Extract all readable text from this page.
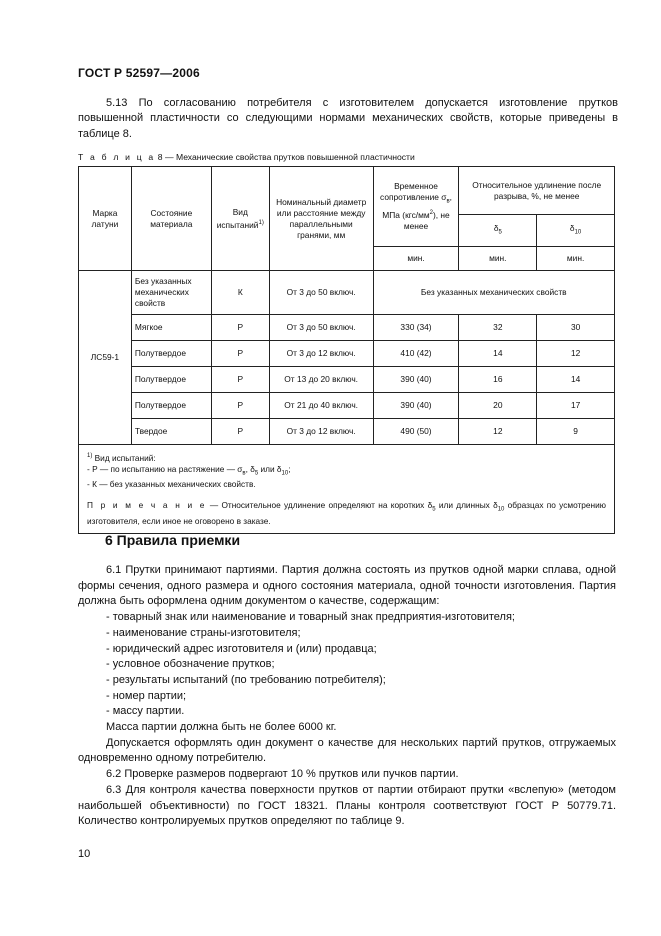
ГОСТ Р 52597—2006
5.13 По согласованию потребителя с изготовителем допускается изготовление прутков повышенной пластичности со следующими нормами механических свойств, которые приведены в таблице 8.
Т а б л и ц а 8 — Механические свойства прутков повышенной пластичности
Марка латуни	Состояние материала	Вид испытаний$^{1)}$	Номинальный диаметр или расстояние между параллельными гранями, мм	Временное сопротивление $\sigma_в$, МПа $(кгс/мм^2)$, не менее	Относительное удлинение после разрыва, %, не менее	
					$\delta_5$	$\delta_{10}$
				мин.	мин.	мин.
ЛС59-1	Без указанных механических свойств	К	От 3 до 50 включ.	Без указанных механических свойств		
	Мягкое	Р	От 3 до 50 включ.	330 (34)	32	30
	Полутвердое	Р	От 3 до 12 включ.	410 (42)	14	12
	Полутвердое	Р	От 13 до 20 включ.	390 (40)	16	14
	Полутвердое	Р	От 21 до 40 включ.	390 (40)	20	17
	Твердое	Р	От 3 до 12 включ.	490 (50)	12	9

$^{1)}$ Вид испытаний:
- Р — по испытанию на растяжение — $\sigma_в$, $\delta_5$ или $\delta_{10}$;
- К — без указанных механических свойств.
П р и м е ч а н и е — Относительное удлинение определяют на коротких $\delta_5$ или длинных $\delta_{10}$ образцах по усмотрению изготовителя, если иное не оговорено в заказе.						
6 Правила приемки

6.1 Прутки принимают партиями. Партия должна состоять из прутков одной марки сплава, одной формы сечения, одного размера и одного состояния материала, одной точности изготовления. Партия должна быть оформлена одним документом о качестве, содержащим:

- товарный знак или наименование и товарный знак предприятия-изготовителя;

- наименование страны-изготовителя;

- юридический адрес изготовителя и (или) продавца;

- условное обозначение прутков;

- результаты испытаний (по требованию потребителя);

- номер партии;

- массу партии.

Масса партии должна быть не более 6000 кг.

Допускается оформлять один документ о качестве для нескольких партий прутков, отгружаемых одновременно одному потребителю.

6.2 Проверке размеров подвергают 10 % прутков или пучков партии.

6.3 Для контроля качества поверхности прутков от партии отбирают прутки «вслепую» (методом наибольшей объективности) по ГОСТ 18321. Планы контроля соответствуют ГОСТ Р 50779.71. Количество контролируемых прутков определяют по таблице 9.

10
